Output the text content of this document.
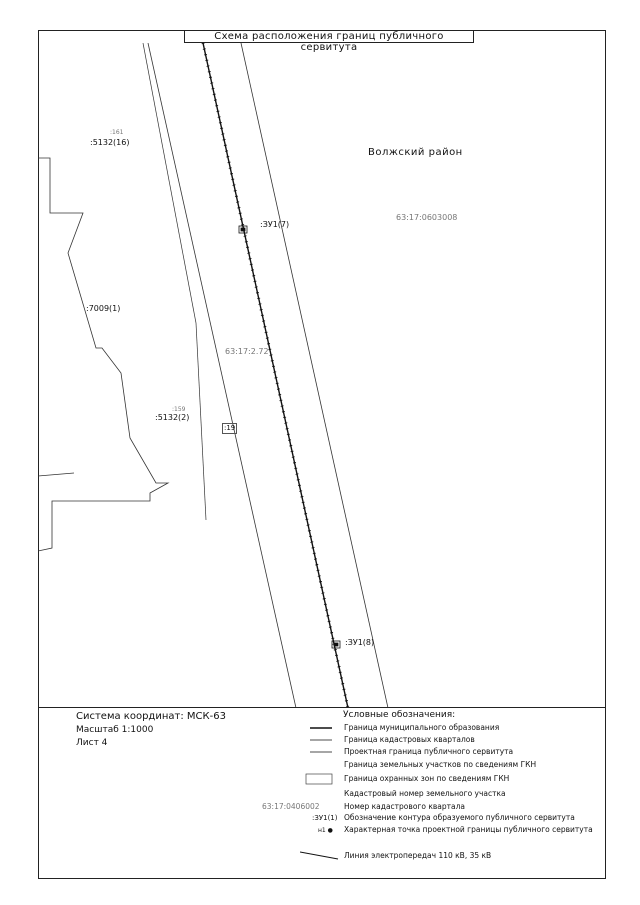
Схема расположения границ публичного сервитута
Волжский район
63:17:0603008
63:17:2.72
:5132(16)
:161
:7009(1)
:5132(2)
:159
:ЗУ1(7)
:ЗУ1(8)
:19
Система координат: МСК-63
Масштаб 1:1000
Лист 4
Условные обозначения:
Граница муниципального образования
Граница кадастровых кварталов
Проектная граница публичного сервитута
Граница земельных участков по сведениям ГКН
Граница охранных зон по сведениям ГКН
Кадастровый номер земельного участка
63:17:0406002	Номер кадастрового квартала
:ЗУ1(1) Обозначение контура образуемого публичного сервитута
н1 ●	Характерная точка проектной границы публичного сервитута
Линия электропередач 110 кВ, 35 кВ
